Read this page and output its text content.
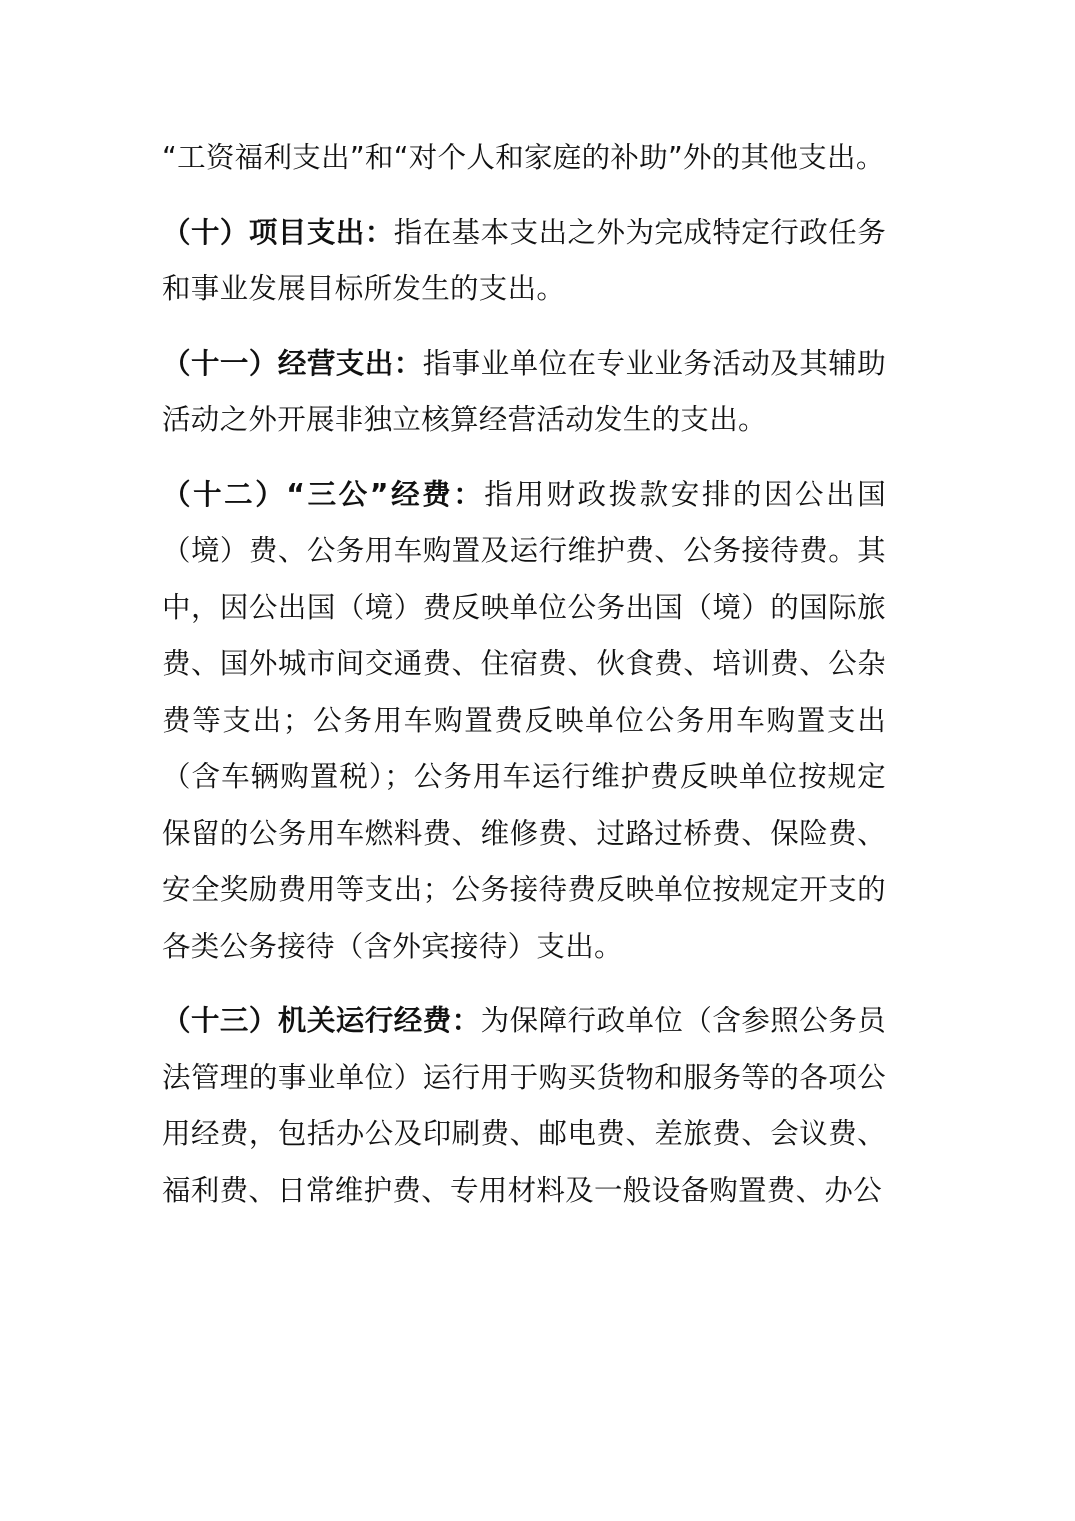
“工资福利支出”和“对个人和家庭的补助”外的其他支出。

（十）项目支出：指在基本支出之外为完成特定行政任务和事业发展目标所发生的支出。

（十一）经营支出：指事业单位在专业业务活动及其辅助活动之外开展非独立核算经营活动发生的支出。

（十二）“三公”经费：指用财政拨款安排的因公出国（境）费、公务用车购置及运行维护费、公务接待费。其中，因公出国（境）费反映单位公务出国（境）的国际旅费、国外城市间交通费、住宿费、伙食费、培训费、公杂费等支出；公务用车购置费反映单位公务用车购置支出（含车辆购置税）；公务用车运行维护费反映单位按规定保留的公务用车燃料费、维修费、过路过桥费、保险费、安全奖励费用等支出；公务接待费反映单位按规定开支的各类公务接待（含外宾接待）支出。

（十三）机关运行经费：为保障行政单位（含参照公务员法管理的事业单位）运行用于购买货物和服务等的各项公用经费，包括办公及印刷费、邮电费、差旅费、会议费、福利费、日常维护费、专用材料及一般设备购置费、办公
